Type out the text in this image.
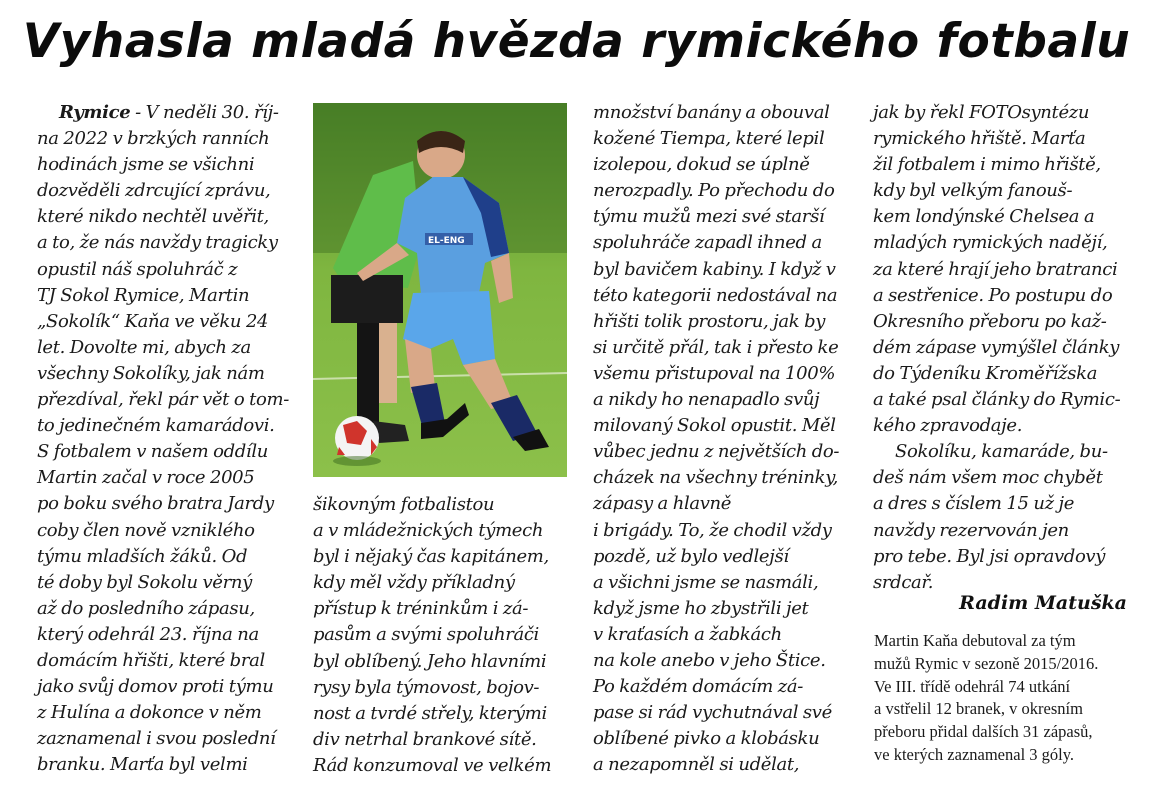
Vyhasla mladá hvězda rymického fotbalu
Rymice - V neděli 30. říj-
na 2022 v brzkých ranních
hodinách jsme se všichni
dozvěděli zdrcující zprávu,
které nikdo nechtěl uvěřit,
a to, že nás navždy tragicky
opustil náš spoluhráč z
TJ Sokol Rymice, Martin
„Sokolík“ Kaňa ve věku 24
let. Dovolte mi, abych za
všechny Sokolíky, jak nám
přezdíval, řekl pár vět o tom-
to jedinečném kamarádovi.
S fotbalem v našem oddílu
Martin začal v roce 2005
po boku svého bratra Jardy
coby člen nově vzniklého
týmu mladších žáků. Od
té doby byl Sokolu věrný
až do posledního zápasu,
který odehrál 23. října na
domácím hřišti, které bral
jako svůj domov proti týmu
z Hulína a dokonce v něm
zaznamenal i svou poslední
branku. Marťa byl velmi
EL-ENG
šikovným fotbalistou
a v mládežnických týmech
byl i nějaký čas kapitánem,
kdy měl vždy příkladný
přístup k tréninkům i zá-
pasům a svými spoluhráči
byl oblíbený. Jeho hlavními
rysy byla týmovost, bojov-
nost a tvrdé střely, kterými
div netrhal brankové sítě.
Rád konzumoval ve velkém
množství banány a obouval
kožené Tiempa, které lepil
izolepou, dokud se úplně
nerozpadly. Po přechodu do
týmu mužů mezi své starší
spoluhráče zapadl ihned a
byl bavičem kabiny. I když v
této kategorii nedostával na
hřišti tolik prostoru, jak by
si určitě přál, tak i přesto ke
všemu přistupoval na 100%
a nikdy ho nenapadlo svůj
milovaný Sokol opustit. Měl
vůbec jednu z největších do-
cházek na všechny tréninky,
zápasy a hlavně
i brigády. To, že chodil vždy
pozdě, už bylo vedlejší
a všichni jsme se nasmáli,
když jsme ho zbystřili jet
v kraťasích a žabkách
na kole anebo v jeho Štice.
Po každém domácím zá-
pase si rád vychutnával své
oblíbené pivko a klobásku
a nezapomněl si udělat,
jak by řekl FOTOsyntézu
rymického hřiště. Marťa
žil fotbalem i mimo hřiště,
kdy byl velkým fanouš-
kem londýnské Chelsea a
mladých rymických nadějí,
za které hrají jeho bratranci
a sestřenice. Po postupu do
Okresního přeboru po kaž-
dém zápase vymýšlel články
do Týdeníku Kroměřížska
a také psal články do Rymic-
kého zpravodaje.
Sokolíku, kamaráde, bu-
deš nám všem moc chybět
a dres s číslem 15 už je
navždy rezervován jen
pro tebe. Byl jsi opravdový
srdcař.
Radim Matuška
Martin Kaňa debutoval za tým
mužů Rymic v sezoně 2015/2016.
Ve III. třídě odehrál 74 utkání
a vstřelil 12 branek, v okresním
přeboru přidal dalších 31 zápasů,
ve kterých zaznamenal 3 góly.
